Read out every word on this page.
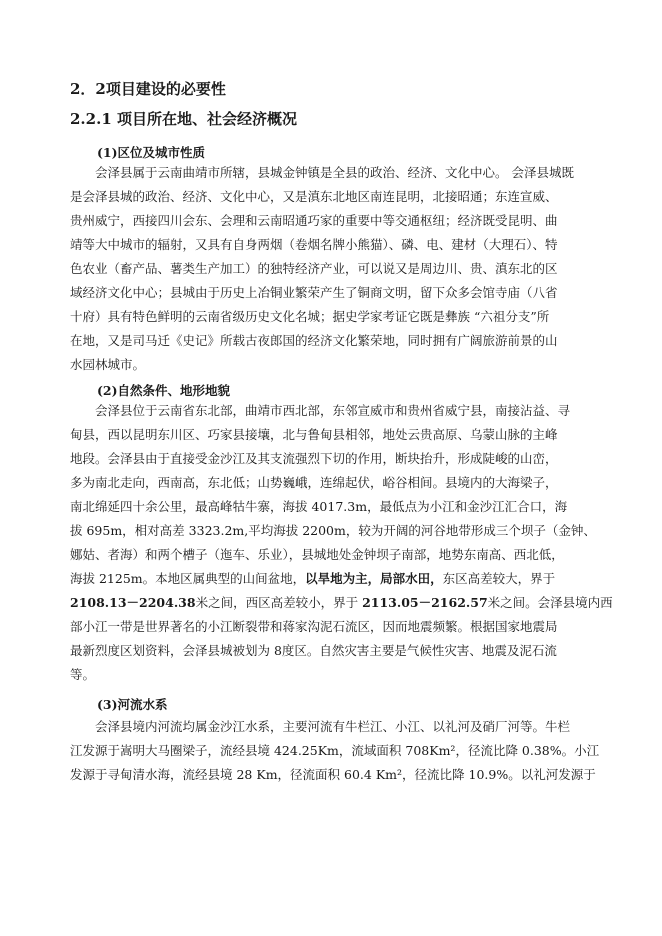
2．2项目建设的必要性
2.2.1 项目所在地、社会经济概况
(1)区位及城市性质
会泽县属于云南曲靖市所辖，县城金钟镇是全县的政治、经济、文化中心。 会泽县城既
是会泽县城的政治、经济、文化中心，又是滇东北地区南连昆明，北接昭通；东连宣威、
贵州威宁，西接四川会东、会理和云南昭通巧家的重要中等交通枢纽；经济既受昆明、曲
靖等大中城市的辐射，又具有自身两烟（卷烟名牌小熊猫）、磷、电、建材（大理石）、特
色农业（畜产品、薯类生产加工）的独特经济产业，可以说又是周边川、贵、滇东北的区
域经济文化中心；县城由于历史上冶铜业繁荣产生了铜商文明，留下众多会馆寺庙（八省
十府）具有特色鲜明的云南省级历史文化名城；据史学家考证它既是彝族 “六祖分支”所
在地，又是司马迁《史记》所载古夜郎国的经济文化繁荣地，同时拥有广阔旅游前景的山
水园林城市。
(2)自然条件、地形地貌
会泽县位于云南省东北部，曲靖市西北部，东邻宣威市和贵州省威宁县，南接沾益、寻
甸县，西以昆明东川区、巧家县接壤，北与鲁甸县相邻，地处云贵高原、乌蒙山脉的主峰
地段。会泽县由于直接受金沙江及其支流强烈下切的作用，断块抬升，形成陡峻的山峦，
多为南北走向，西南高，东北低；山势巍峨，连绵起伏，峪谷相间。县境内的大海梁子，
南北绵延四十余公里，最高峰牯牛寨，海拔 4017.3m，最低点为小江和金沙江汇合口，海
拔 695m，相对高差 3323.2m,平均海拔 2200m，较为开阔的河谷地带形成三个坝子（金钟、
娜姑、者海）和两个槽子（迤车、乐业），县城地处金钟坝子南部，地势东南高、西北低，
海拔 2125m。本地区属典型的山间盆地，以旱地为主，局部水田，东区高差较大，界于
2108.13－2204.38米之间，西区高差较小，界于 2113.05－2162.57米之间。会泽县境内西
部小江一带是世界著名的小江断裂带和蒋家沟泥石流区，因而地震频繁。根据国家地震局
最新烈度区划资料，会泽县城被划为 8度区。自然灾害主要是气候性灾害、地震及泥石流
等。
(3)河流水系
会泽县境内河流均属金沙江水系，主要河流有牛栏江、小江、以礼河及硝厂河等。牛栏
江发源于嵩明大马圈梁子，流经县境 424.25Km，流域面积 708Km²，径流比降 0.38%。小江
发源于寻甸清水海，流经县境 28 Km，径流面积 60.4 Km²，径流比降 10.9%。以礼河发源于
